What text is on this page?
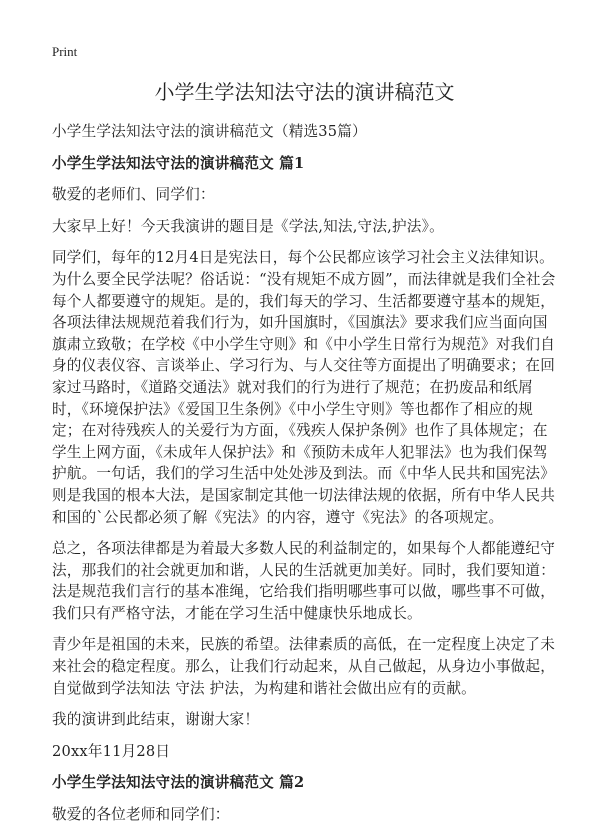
Print
小学生学法知法守法的演讲稿范文

小学生学法知法守法的演讲稿范文（精选35篇）

小学生学法知法守法的演讲稿范文 篇1

敬爱的老师们、同学们：

大家早上好！今天我演讲的题目是《学法,知法,守法,护法》。

同学们，每年的12月4日是宪法日，每个公民都应该学习社会主义法律知识。为什么要全民学法呢？俗话说：“没有规矩不成方圆”，而法律就是我们全社会每个人都要遵守的规矩。是的，我们每天的学习、生活都要遵守基本的规矩，各项法律法规规范着我们行为，如升国旗时，《国旗法》要求我们应当面向国旗肃立致敬；在学校《中小学生守则》和《中小学生日常行为规范》对我们自身的仪表仪容、言谈举止、学习行为、与人交往等方面提出了明确要求；在回家过马路时，《道路交通法》就对我们的行为进行了规范；在扔废品和纸屑时，《环境保护法》《爱国卫生条例》《中小学生守则》等也都作了相应的规定；在对待残疾人的关爱行为方面，《残疾人保护条例》也作了具体规定；在学生上网方面，《未成年人保护法》和《预防未成年人犯罪法》也为我们保驾护航。一句话，我们的学习生活中处处涉及到法。而《中华人民共和国宪法》则是我国的根本大法，是国家制定其他一切法律法规的依据，所有中华人民共和国的`公民都必须了解《宪法》的内容，遵守《宪法》的各项规定。

总之，各项法律都是为着最大多数人民的利益制定的，如果每个人都能遵纪守法，那我们的社会就更加和谐，人民的生活就更加美好。同时，我们要知道：法是规范我们言行的基本准绳，它给我们指明哪些事可以做，哪些事不可做，我们只有严格守法，才能在学习生活中健康快乐地成长。

青少年是祖国的未来，民族的希望。法律素质的高低，在一定程度上决定了未来社会的稳定程度。那么，让我们行动起来，从自己做起，从身边小事做起，自觉做到学法知法 守法 护法，为构建和谐社会做出应有的贡献。

我的演讲到此结束，谢谢大家！

20xx年11月28日

小学生学法知法守法的演讲稿范文 篇2

敬爱的各位老师和同学们：
